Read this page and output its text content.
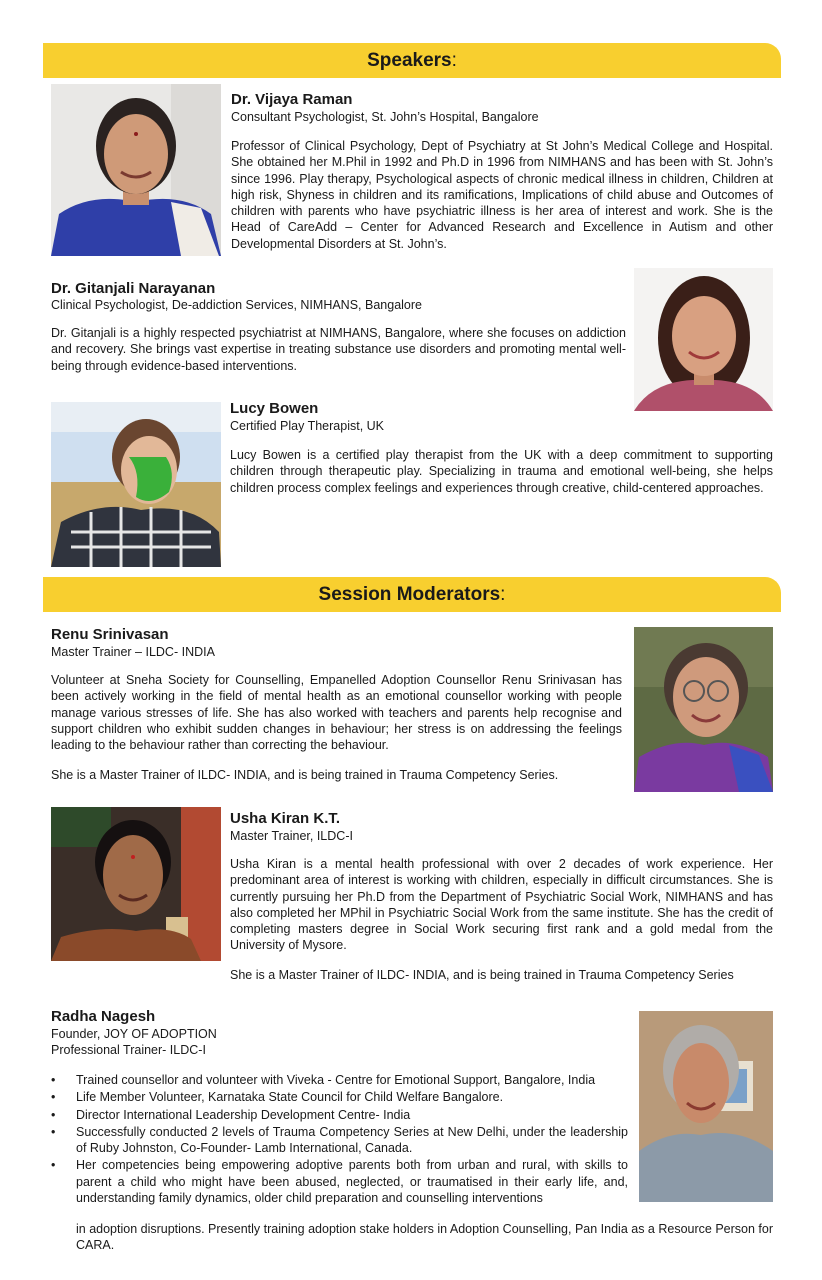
Speakers:
Dr. Vijaya Raman
Consultant Psychologist, St. John’s Hospital, Bangalore
Professor of Clinical Psychology, Dept of Psychiatry at St John’s Medical College and Hospital. She obtained her M.Phil in 1992 and Ph.D in 1996 from NIMHANS and has been with St. John’s since 1996. Play therapy, Psychological aspects of chronic medical illness in children, Children at high risk, Shyness in children and its ramifications, Implications of child abuse and Outcomes of children with parents who have psychiatric illness is her area of interest and work. She is the Head of CareAdd – Center for Advanced Research and Excellence in Autism and other Developmental Disorders at St. John’s.
Dr. Gitanjali Narayanan
Clinical Psychologist, De-addiction Services, NIMHANS, Bangalore
Dr. Gitanjali is a highly respected psychiatrist at NIMHANS, Bangalore, where she focuses on addiction and recovery. She brings vast expertise in treating substance use disorders and promoting mental well-being through evidence-based interventions.
Lucy Bowen
Certified Play Therapist, UK
Lucy Bowen is a certified play therapist from the UK with a deep commitment to supporting children through therapeutic play. Specializing in trauma and emotional well-being, she helps children process complex feelings and experiences through creative, child-centered approaches.
Session Moderators:
Renu Srinivasan
Master Trainer – ILDC- INDIA
Volunteer at Sneha Society for Counselling, Empanelled Adoption Counsellor Renu Srinivasan has been actively working in the field of mental health as an emotional counsellor working with people manage various stresses of life. She has also worked with teachers and parents help recognise and support children who exhibit sudden changes in behaviour; her stress is on addressing the feelings leading to the behaviour rather than correcting the behaviour.
She is a Master Trainer of ILDC- INDIA, and is being trained in Trauma Competency Series.
Usha Kiran K.T.
Master Trainer, ILDC-I
Usha Kiran is a mental health professional with over 2 decades of work experience. Her predominant area of interest is working with children, especially in difficult circumstances. She is currently pursuing her Ph.D from the Department of Psychiatric Social Work, NIMHANS and has also completed her MPhil in Psychiatric Social Work from the same institute. She has the credit of completing masters degree in Social Work securing first rank and a gold medal from the University of Mysore.
She is a Master Trainer of ILDC- INDIA, and is being trained in Trauma Competency Series
Radha Nagesh
Founder, JOY OF ADOPTION
Professional Trainer- ILDC-I
• Trained counsellor and volunteer with Viveka - Centre for Emotional Support, Bangalore, India
• Life Member Volunteer, Karnataka State Council for Child Welfare Bangalore.
• Director International Leadership Development Centre- India
• Successfully conducted 2 levels of Trauma Competency Series at New Delhi, under the leadership of Ruby Johnston, Co-Founder- Lamb International, Canada.
• Her competencies being empowering adoptive parents both from urban and rural, with skills to parent a child who might have been abused, neglected, or traumatised in their early life, and, understanding family dynamics, older child preparation and counselling interventions
in adoption disruptions. Presently training adoption stake holders in Adoption Counselling, Pan India as a Resource Person for CARA.
